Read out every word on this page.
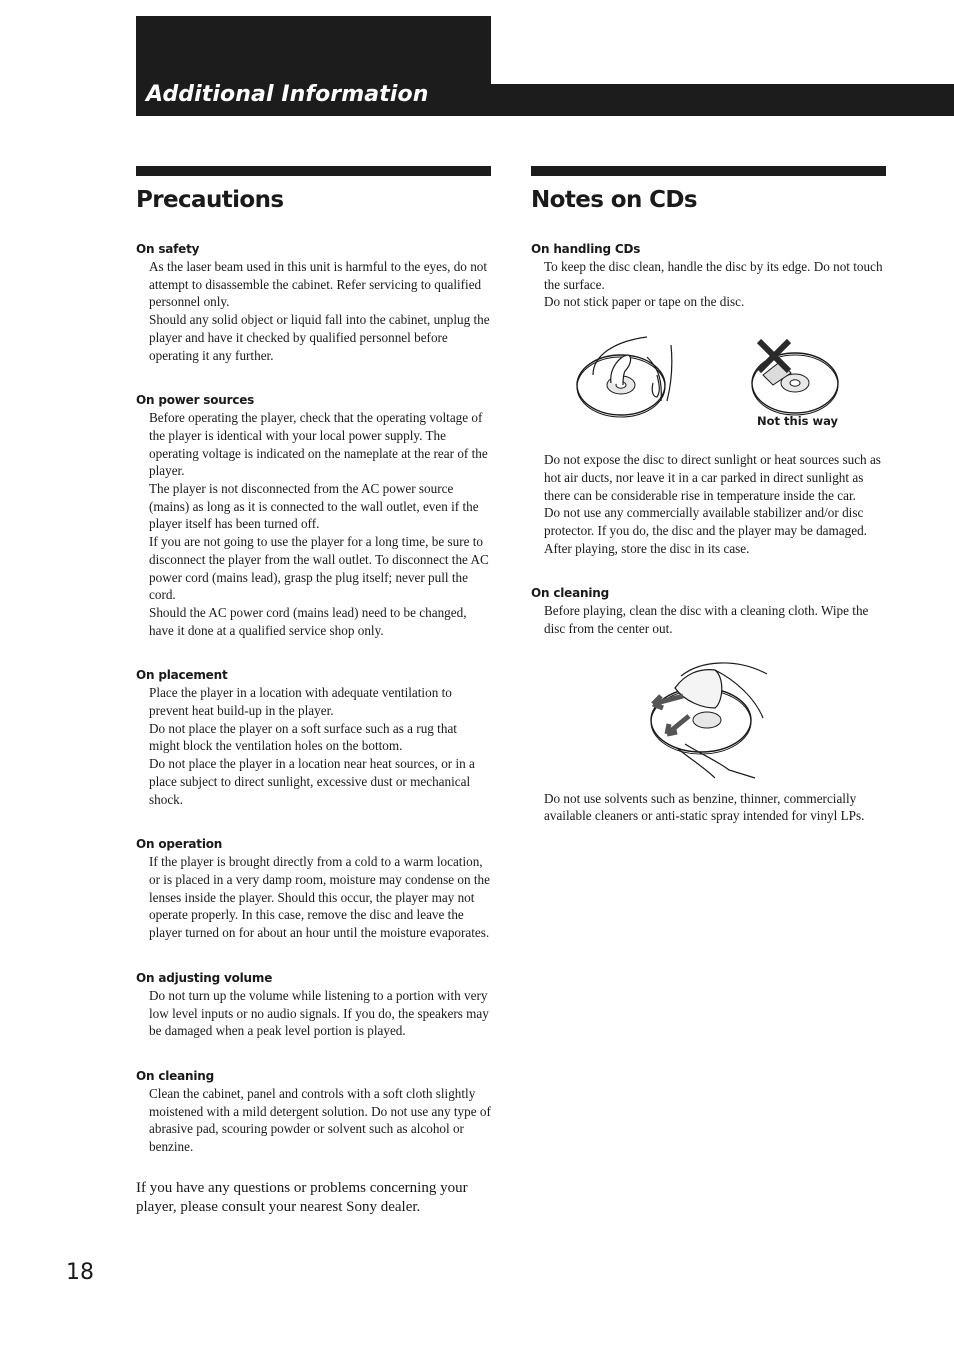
Additional Information
Precautions
On safety

As the laser beam used in this unit is harmful to the eyes, do not attempt to disassemble the cabinet. Refer servicing to qualified personnel only.

Should any solid object or liquid fall into the cabinet, unplug the player and have it checked by qualified personnel before operating it any further.

On power sources

Before operating the player, check that the operating voltage of the player is identical with your local power supply. The operating voltage is indicated on the nameplate at the rear of the player.

The player is not disconnected from the AC power source (mains) as long as it is connected to the wall outlet, even if the player itself has been turned off.

If you are not going to use the player for a long time, be sure to disconnect the player from the wall outlet. To disconnect the AC power cord (mains lead), grasp the plug itself; never pull the cord.

Should the AC power cord (mains lead) need to be changed, have it done at a qualified service shop only.

On placement

Place the player in a location with adequate ventilation to prevent heat build-up in the player.

Do not place the player on a soft surface such as a rug that might block the ventilation holes on the bottom.

Do not place the player in a location near heat sources, or in a place subject to direct sunlight, excessive dust or mechanical shock.

On operation

If the player is brought directly from a cold to a warm location, or is placed in a very damp room, moisture may condense on the lenses inside the player. Should this occur, the player may not operate properly. In this case, remove the disc and leave the player turned on for about an hour until the moisture evaporates.

On adjusting volume

Do not turn up the volume while listening to a portion with very low level inputs or no audio signals. If you do, the speakers may be damaged when a peak level portion is played.

On cleaning

Clean the cabinet, panel and controls with a soft cloth slightly moistened with a mild detergent solution. Do not use any type of abrasive pad, scouring powder or solvent such as alcohol or benzine.

If you have any questions or problems concerning your player, please consult your nearest Sony dealer.

Notes on CDs
On handling CDs

To keep the disc clean, handle the disc by its edge. Do not touch the surface.

Do not stick paper or tape on the disc.

Not this way

Do not expose the disc to direct sunlight or heat sources such as hot air ducts, nor leave it in a car parked in direct sunlight as there can be considerable rise in temperature inside the car.

Do not use any commercially available stabilizer and/or disc protector. If you do, the disc and the player may be damaged.

After playing, store the disc in its case.

On cleaning

Before playing, clean the disc with a cleaning cloth. Wipe the disc from the center out.

Do not use solvents such as benzine, thinner, commercially available cleaners or anti-static spray intended for vinyl LPs.

18
